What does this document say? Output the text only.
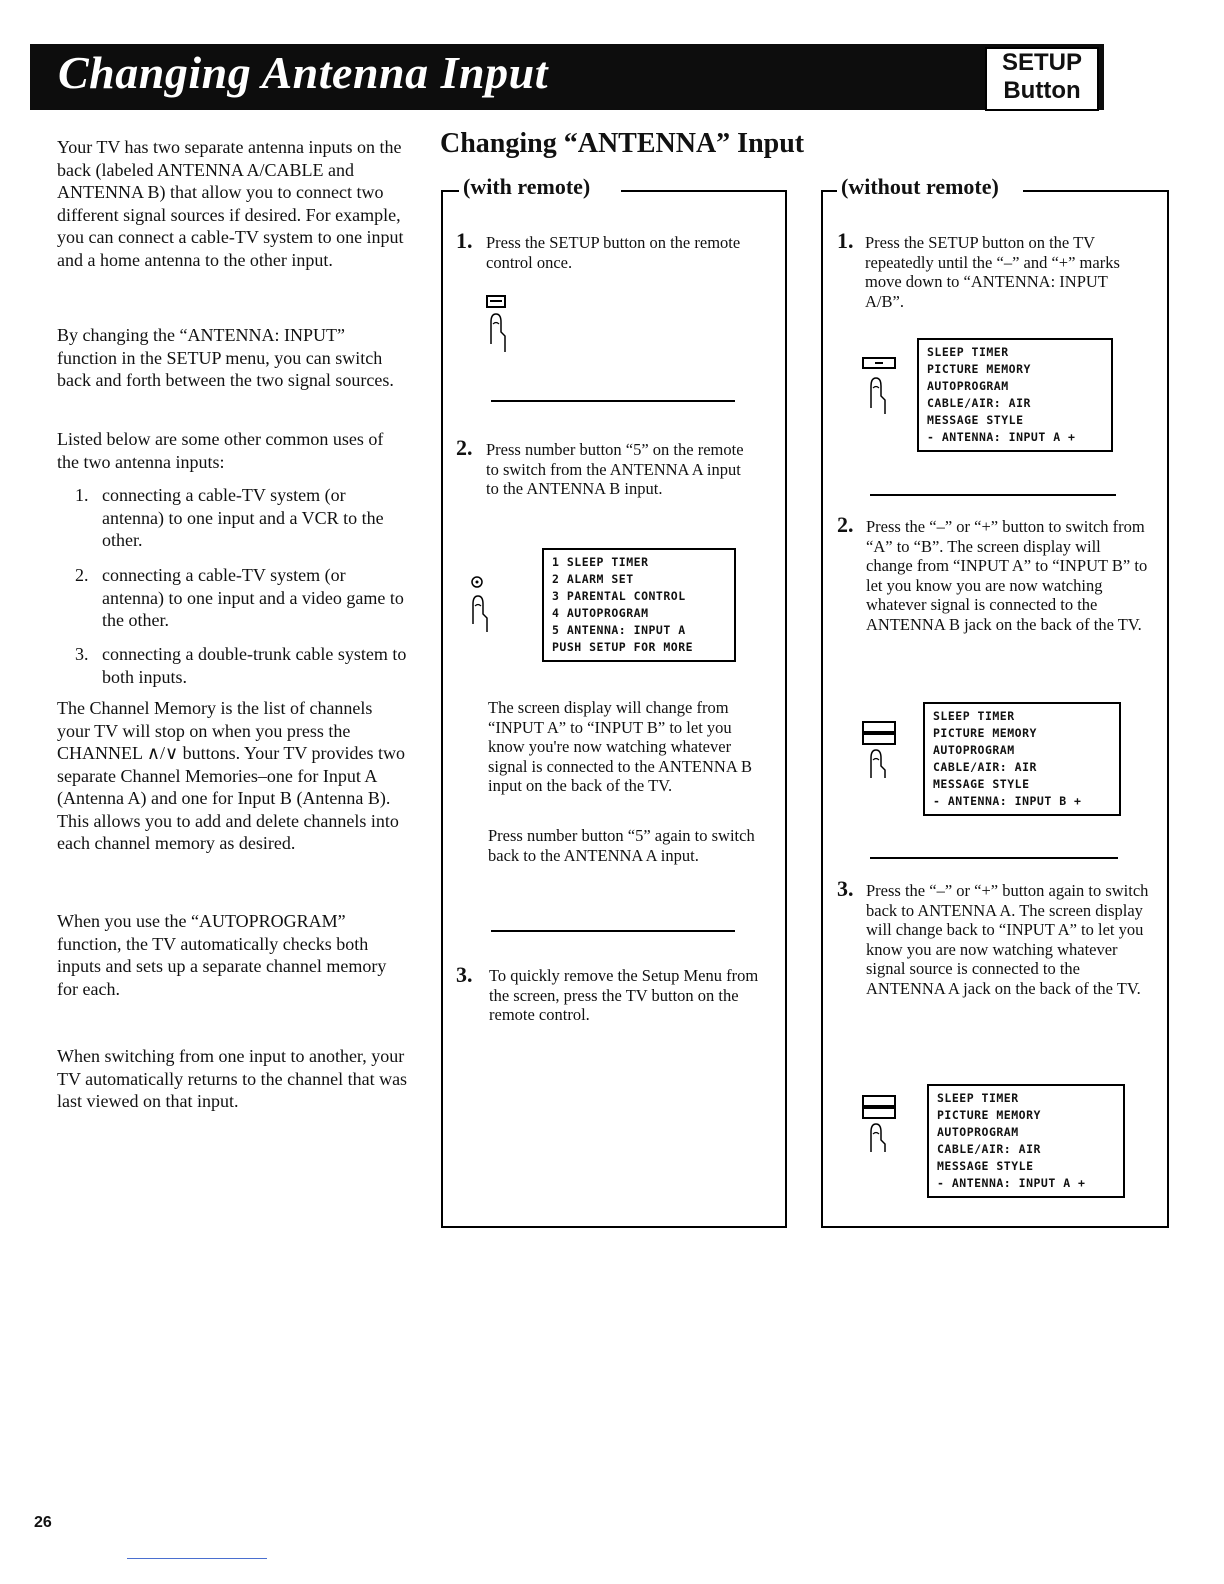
Changing Antenna Input	SETUP
Button

Your TV has two separate antenna inputs on the back (labeled ANTENNA A/CABLE and ANTENNA B) that allow you to connect two different signal sources if desired. For example, you can connect a cable-TV system to one input and a home antenna to the other input.

By changing the “ANTENNA: INPUT” function in the SETUP menu, you can switch back and forth between the two signal sources.

Listed below are some other common uses of the two antenna inputs:

1. connecting a cable-TV system (or antenna) to one input and a VCR to the other.
2. connecting a cable-TV system (or antenna) to one input and a video game to the other.
3. connecting a double-trunk cable system to both inputs.

The Channel Memory is the list of channels your TV will stop on when you press the CHANNEL ∧/∨ buttons. Your TV provides two separate Channel Memories–one for Input A (Antenna A) and one for Input B (Antenna B). This allows you to add and delete channels into each channel memory as desired.

When you use the “AUTOPROGRAM” function, the TV automatically checks both inputs and sets up a separate channel memory for each.

When switching from one input to another, your TV automatically returns to the channel that was last viewed on that input.

Changing “ANTENNA” Input
(with remote)
1. Press the SETUP button on the remote control once.
2. Press number button “5” on the remote to switch from the ANTENNA A input to the ANTENNA B input.
1 SLEEP TIMER
2 ALARM SET
3 PARENTAL CONTROL
4 AUTOPROGRAM
5 ANTENNA: INPUT A
PUSH SETUP FOR MORE
The screen display will change from “INPUT A” to “INPUT B” to let you know you're now watching whatever signal is connected to the ANTENNA B input on the back of the TV.
Press number button “5” again to switch back to the ANTENNA A input.
3. To quickly remove the Setup Menu from the screen, press the TV button on the remote control.
(without remote)
1. Press the SETUP button on the TV repeatedly until the “–” and “+” marks move down to “ANTENNA: INPUT A/B”.
SLEEP TIMER
PICTURE MEMORY
AUTOPROGRAM
CABLE/AIR: AIR
MESSAGE STYLE
- ANTENNA: INPUT A +
2. Press the “–” or “+” button to switch from “A” to “B”. The screen display will change from “INPUT A” to “INPUT B” to let you know you are now watching whatever signal is connected to the ANTENNA B jack on the back of the TV.
SLEEP TIMER
PICTURE MEMORY
AUTOPROGRAM
CABLE/AIR: AIR
MESSAGE STYLE
- ANTENNA: INPUT B +
3. Press the “–” or “+” button again to switch back to ANTENNA A. The screen display will change back to “INPUT A” to let you know you are now watching whatever signal source is connected to the ANTENNA A jack on the back of the TV.
SLEEP TIMER
PICTURE MEMORY
AUTOPROGRAM
CABLE/AIR: AIR
MESSAGE STYLE
- ANTENNA: INPUT A +
26
